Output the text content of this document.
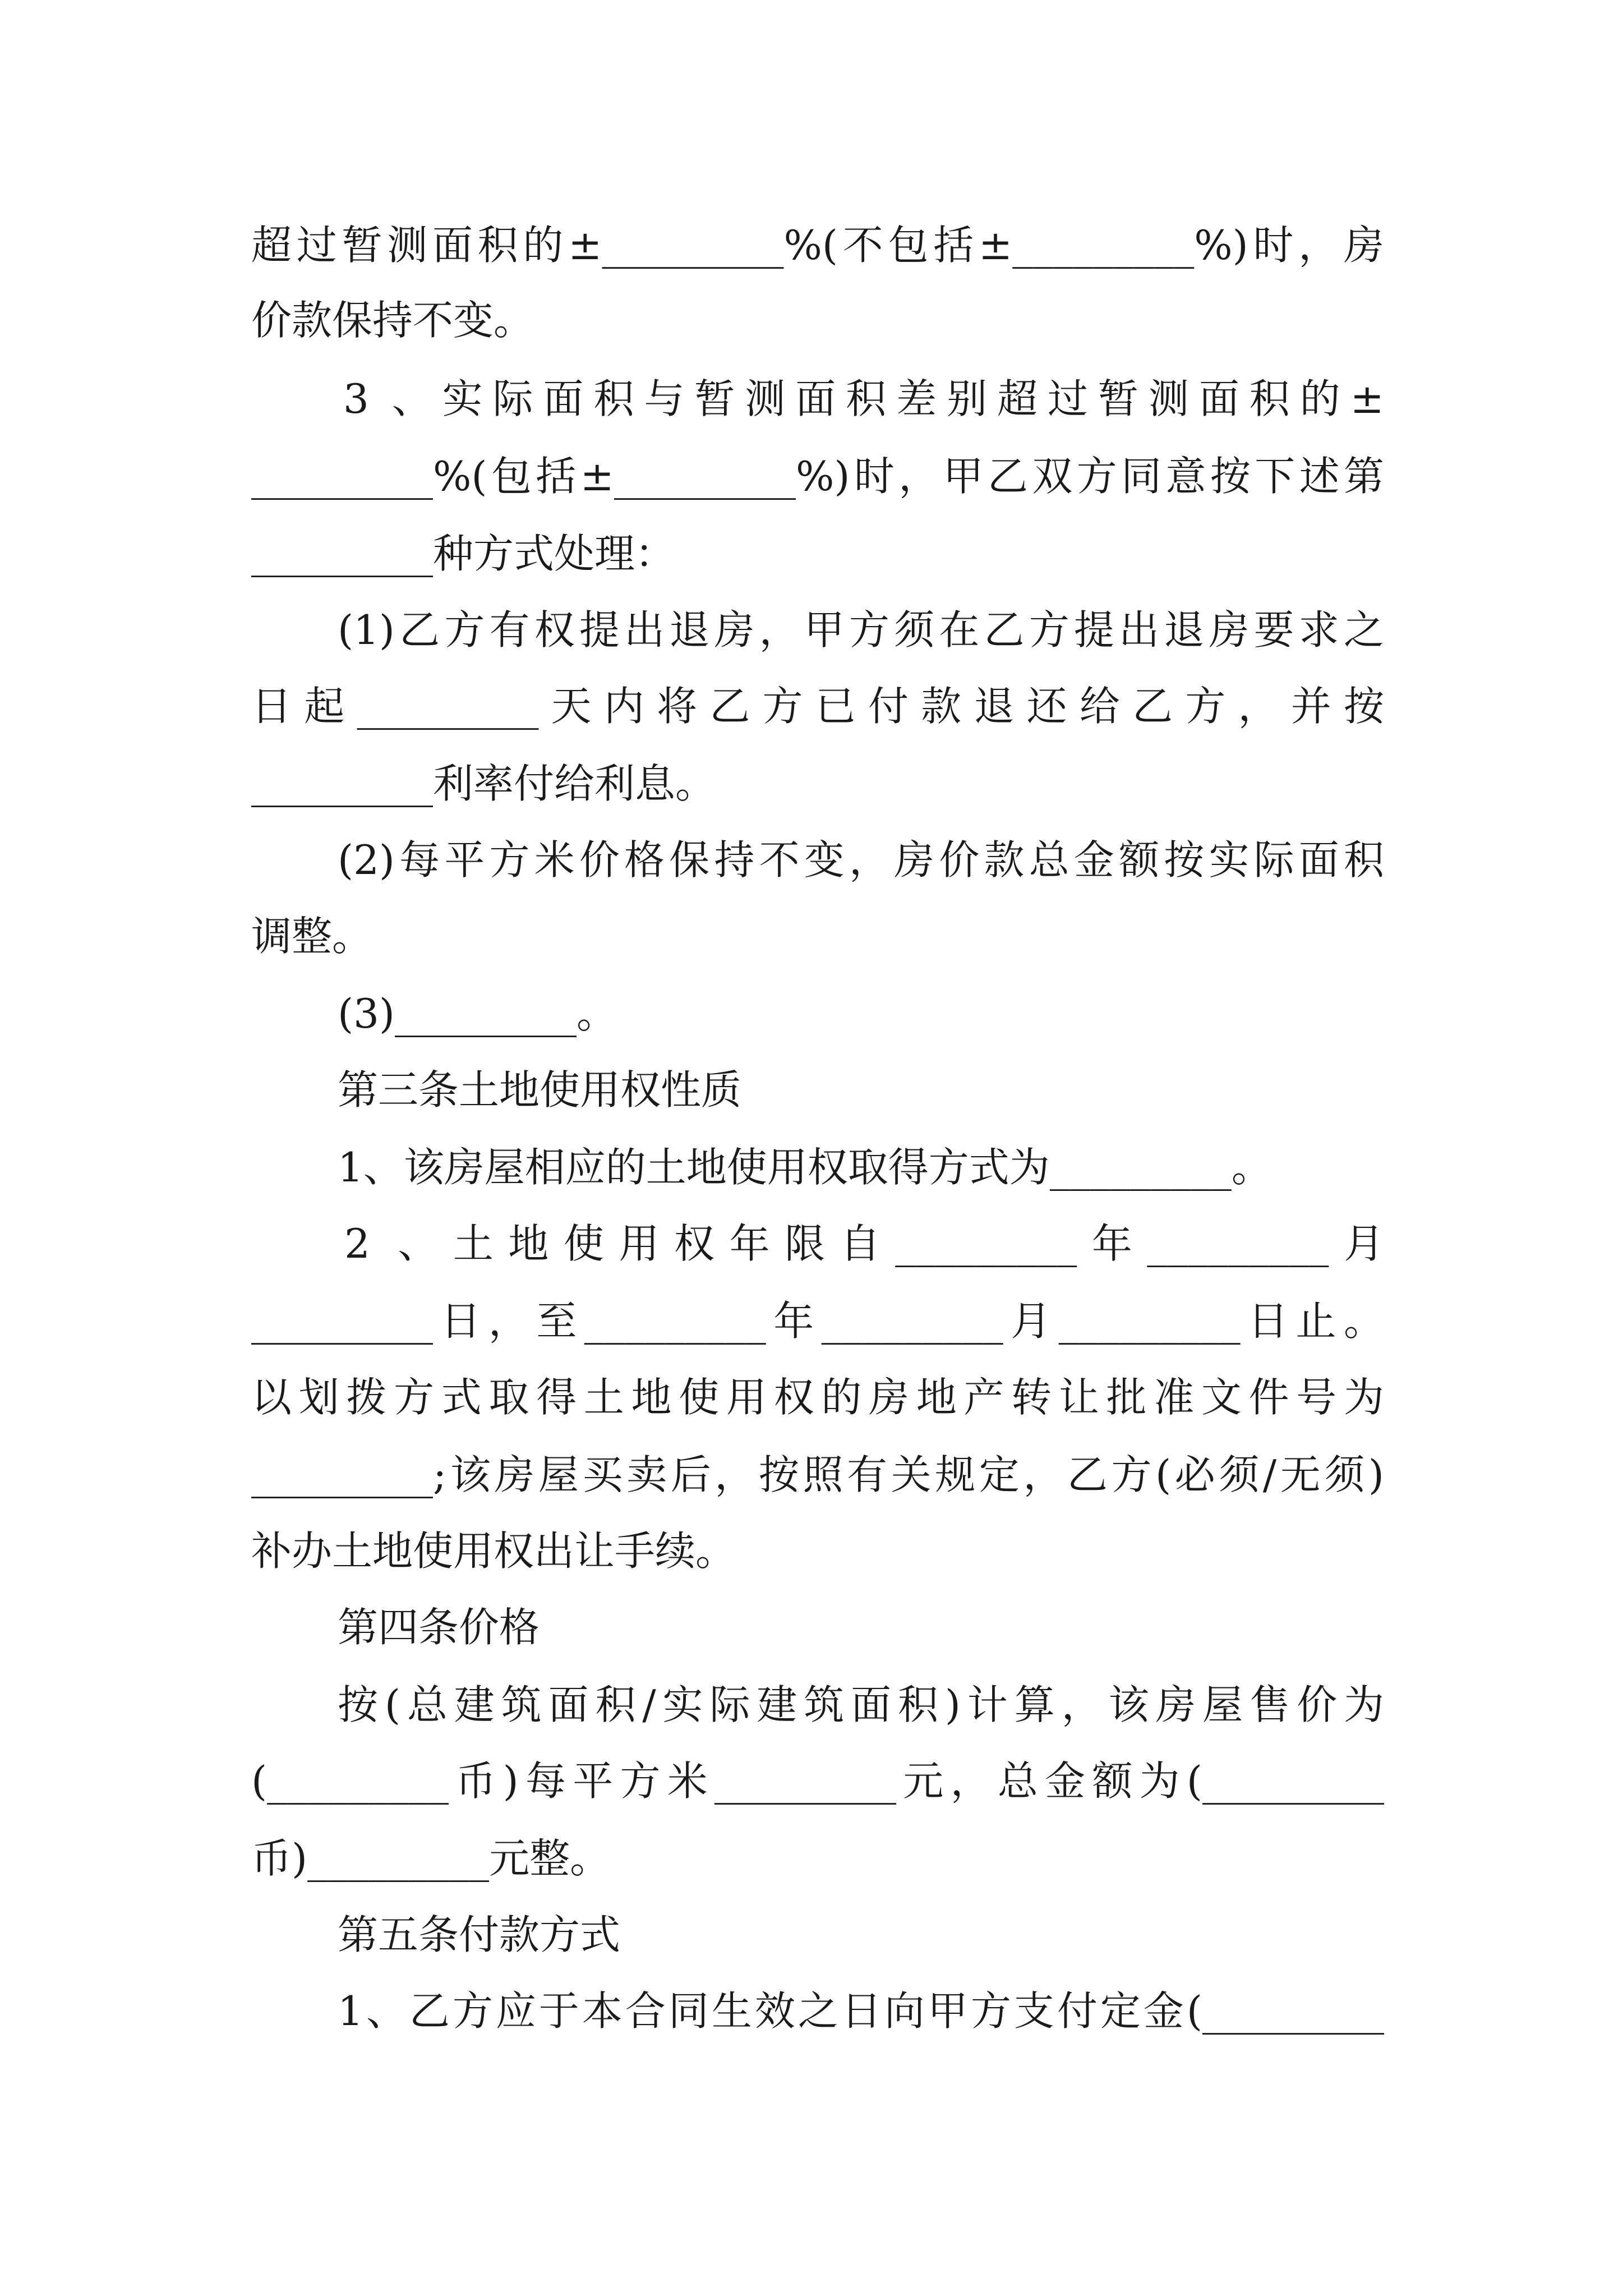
超过暂测面积的±_________%(不包括±_________%)时，房
价款保持不变。
3 、实际面积与暂测面积差别超过暂测面积的±
_________%(包括±_________%)时，甲乙双方同意按下述第
_________种方式处理：
(1)乙方有权提出退房，甲方须在乙方提出退房要求之
日起_________天内将乙方已付款退还给乙方，并按
_________利率付给利息。
(2)每平方米价格保持不变，房价款总金额按实际面积
调整。
(3)_________。
第三条土地使用权性质
1、该房屋相应的土地使用权取得方式为_________。
2 、土地使用权年限自_________年_________月
_________日，至_________年_________月_________日止。
以划拨方式取得土地使用权的房地产转让批准文件号为
_________;该房屋买卖后，按照有关规定，乙方(必须/无须)
补办土地使用权出让手续。
第四条价格
按(总建筑面积/实际建筑面积)计算，该房屋售价为
(_________币)每平方米_________元，总金额为(_________
币)_________元整。
第五条付款方式
1、乙方应于本合同生效之日向甲方支付定金(_________
